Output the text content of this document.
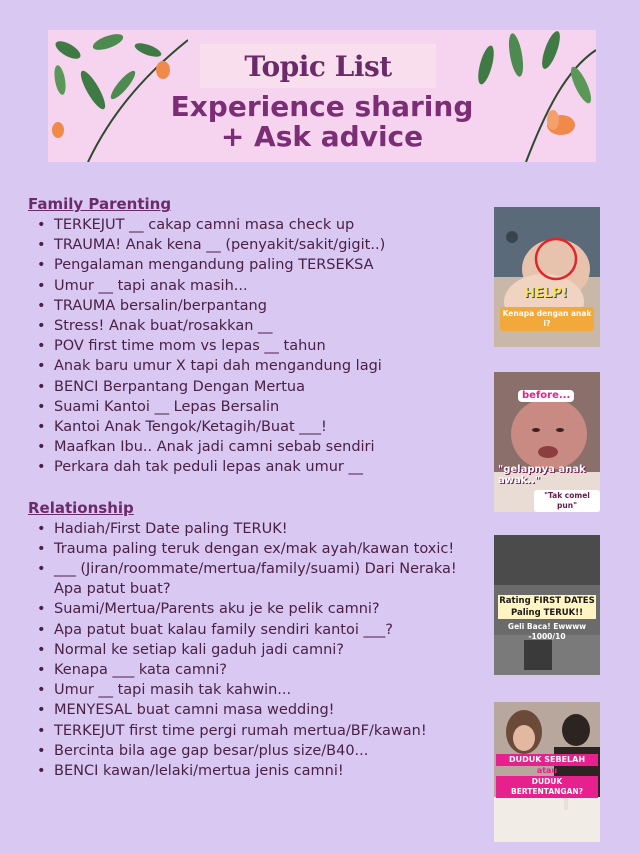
Topic List
Experience sharing
+ Ask advice
Family Parenting
• TERKEJUT __ cakap camni masa check up
• TRAUMA! Anak kena __ (penyakit/sakit/gigit..)
• Pengalaman mengandung paling TERSEKSA
• Umur __ tapi anak masih...
• TRAUMA bersalin/berpantang
• Stress! Anak buat/rosakkan __
• POV first time mom vs lepas __ tahun
• Anak baru umur X tapi dah mengandung lagi
• BENCI Berpantang Dengan Mertua
• Suami Kantoi __ Lepas Bersalin
• Kantoi Anak Tengok/Ketagih/Buat ___!
• Maafkan Ibu.. Anak jadi camni sebab sendiri
• Perkara dah tak peduli lepas anak umur __
Relationship
• Hadiah/First Date paling TERUK!
• Trauma paling teruk dengan ex/mak ayah/kawan toxic!
• ___ (Jiran/roommate/mertua/family/suami) Dari Neraka! Apa patut buat?
• Suami/Mertua/Parents aku je ke pelik camni?
• Apa patut buat kalau family sendiri kantoi ___?
• Normal ke setiap kali gaduh jadi camni?
• Kenapa ___ kata camni?
• Umur __ tapi masih tak kahwin...
• MENYESAL buat camni masa wedding!
• TERKEJUT first time pergi rumah mertua/BF/kawan!
• Bercinta bila age gap besar/plus size/B40...
• BENCI kawan/lelaki/mertua jenis camni!
HELP!
Kenapa dengan anak i?
before...
"gelapnya anak awak.."
"Tak comel pun"
Rating FIRST DATES
Paling TERUK!!
Geli Baca! Ewwww
-1000/10
DUDUK SEBELAH
atau
DUDUK BERTENTANGAN?
